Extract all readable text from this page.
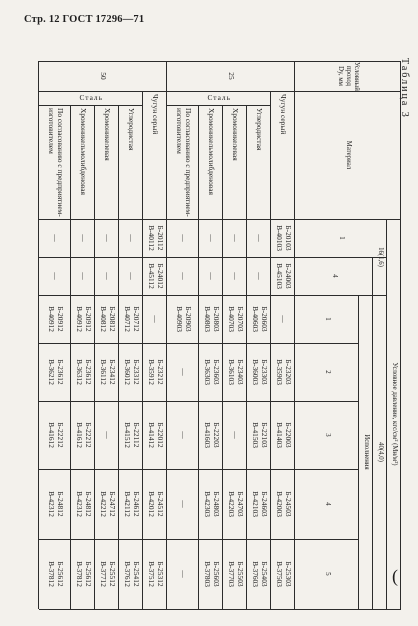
Стр. 12 ГОСТ 17296—71
Таблица 3
Условный проход Dy, мм
Материал
Условное давление, кгс/см² (Мн/м²)
16(1,6)
40(4,0)
Исполнения
1
4
1
2
3
4
5
25
50
Сталь
Сталь	Чугун серый
Б-20103
В-40103
Б-24003
В-45103
—
Б-23203
В-35903
Б-22003
В-41403
Б-24503
В-42003
Б-25303
В-37503
Углеродистая
—
—
Б-20603
В-40603
Б-23303
В-36003
Б-22103
В-41503
Б-24603
В-42103
Б-25403
В-37603
Хромоникелевая
—
—
Б-20703
В-40703
Б-23403
В-36103
—
Б-24703
В-42203
Б-25503
В-37703
Хромоникельмолибденовая
—
—
Б-20803
В-40803
Б-23603
В-36303
Б-22203
В-41603
Б-24803
В-42303
Б-25603
В-37803
По согласованию с предприятием-изготовителем
—
—
Б-20903
В-40903
—
—
—
—
Чугун серый
Б-20112
В-40112
Б-24012
В-45112
—
Б-23212
В-35912
Б-22012
В-41412
Б-24512
В-42012
Б-25312
В-37512
Углеродистая
—
—
Б-20712
В-40712
Б-23312
В-36012
Б-22112
В-41512
Б-24612
В-42112
Б-25412
В-37612
Хромоникелевая
—
—
Б-20812
В-40812
Б-23412
В-36112
—
Б-24712
В-42212
Б-25512
В-37712
Хромоникельмолибденовая
—
—
Б-20912
В-40912
Б-23612
В-36312
Б-22212
В-41612
Б-24812
В-42312
Б-25612
В-37812
По согласованию с предприятием-изготовителем
—
—
Б-20912
В-40912
Б-23612
В-36212
Б-22212
В-41612
Б-24812
В-42312
Б-25612
В-37812	(
